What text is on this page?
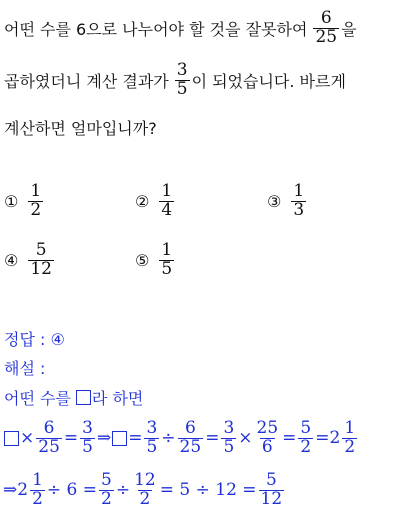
어떤 수를 6으로 나누어야 할 것을 잘못하여 $\frac{6}{25}$ 을
곱하였더니 계산 결과가 $\frac{3}{5}$ 이 되었습니다. 바르게
계산하면 얼마입니까?
① $\frac{1}{2}$	② $\frac{1}{4}$	③ $\frac{1}{3}$
④ $\frac{5}{12}$	⑤ $\frac{1}{5}$
정답 : ④
해설 :
어떤 수를 라 하면
× $\frac{6}{25} = \frac{3}{5}$ ⇒ = $\frac{3}{5} \div \frac{6}{25} = \frac{3}{5} \times \frac{25}{6} = \frac{5}{2} = 2 \frac{1}{2}$
⇒ $2 \frac{1}{2} \div 6 = \frac{5}{2} \div \frac{12}{2} = 5 \div 12 = \frac{5}{12}$
